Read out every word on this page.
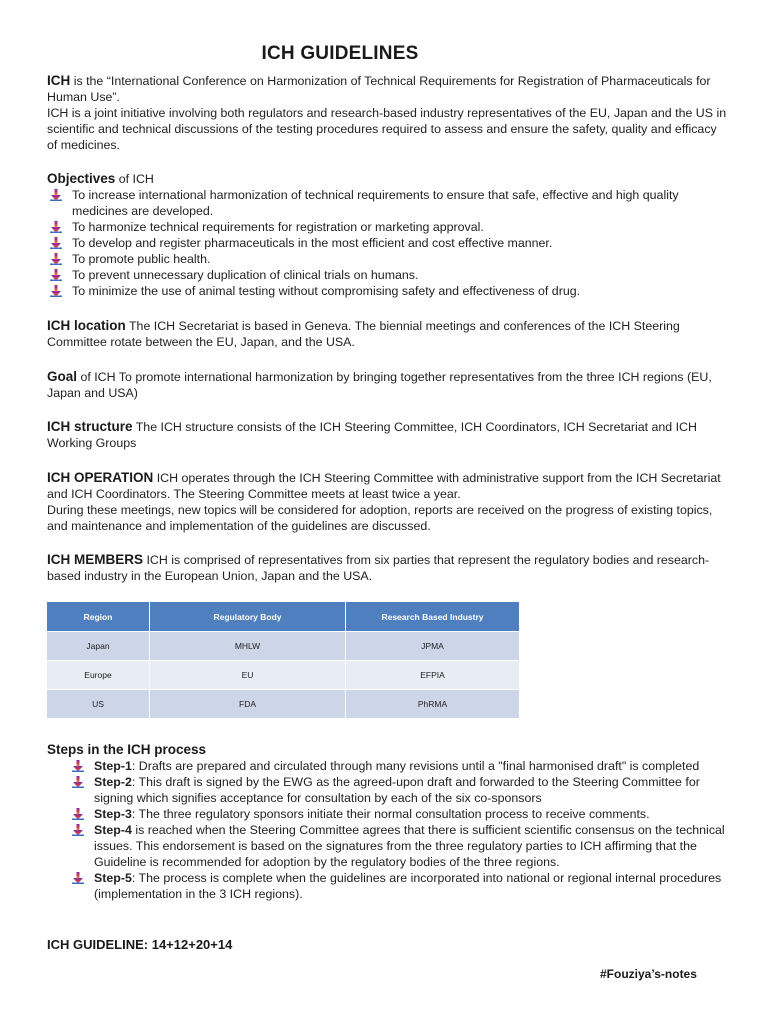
ICH GUIDELINES
ICH is the “International Conference on Harmonization of Technical Requirements for Registration of Pharmaceuticals for Human Use”.
ICH is a joint initiative involving both regulators and research-based industry representatives of the EU, Japan and the US in scientific and technical discussions of the testing procedures required to assess and ensure the safety, quality and efficacy of medicines.
Objectives of ICH
To increase international harmonization of technical requirements to ensure that safe, effective and high quality medicines are developed.
To harmonize technical requirements for registration or marketing approval.
To develop and register pharmaceuticals in the most efficient and cost effective manner.
To promote public health.
To prevent unnecessary duplication of clinical trials on humans.
To minimize the use of animal testing without compromising safety and effectiveness of drug.
ICH location The ICH Secretariat is based in Geneva. The biennial meetings and conferences of the ICH Steering Committee rotate between the EU, Japan, and the USA.
Goal of ICH To promote international harmonization by bringing together representatives from the three ICH regions (EU, Japan and USA)
ICH structure The ICH structure consists of the ICH Steering Committee, ICH Coordinators, ICH Secretariat and ICH Working Groups
ICH OPERATION ICH operates through the ICH Steering Committee with administrative support from the ICH Secretariat and ICH Coordinators. The Steering Committee meets at least twice a year.
During these meetings, new topics will be considered for adoption, reports are received on the progress of existing topics, and maintenance and implementation of the guidelines are discussed.
ICH MEMBERS ICH is comprised of representatives from six parties that represent the regulatory bodies and research-based industry in the European Union, Japan and the USA.
Region	Regulatory Body	Research Based Industry
Japan	MHLW	JPMA
Europe	EU	EFPIA
US	FDA	PhRMA
Steps in the ICH process
Step-1: Drafts are prepared and circulated through many revisions until a "final harmonised draft" is completed
Step-2: This draft is signed by the EWG as the agreed-upon draft and forwarded to the Steering Committee for signing which signifies acceptance for consultation by each of the six co-sponsors
Step-3: The three regulatory sponsors initiate their normal consultation process to receive comments.
Step-4 is reached when the Steering Committee agrees that there is sufficient scientific consensus on the technical issues. This endorsement is based on the signatures from the three regulatory parties to ICH affirming that the Guideline is recommended for adoption by the regulatory bodies of the three regions.
Step-5: The process is complete when the guidelines are incorporated into national or regional internal procedures (implementation in the 3 ICH regions).
ICH GUIDELINE: 14+12+20+14
#Fouziya’s-notes
